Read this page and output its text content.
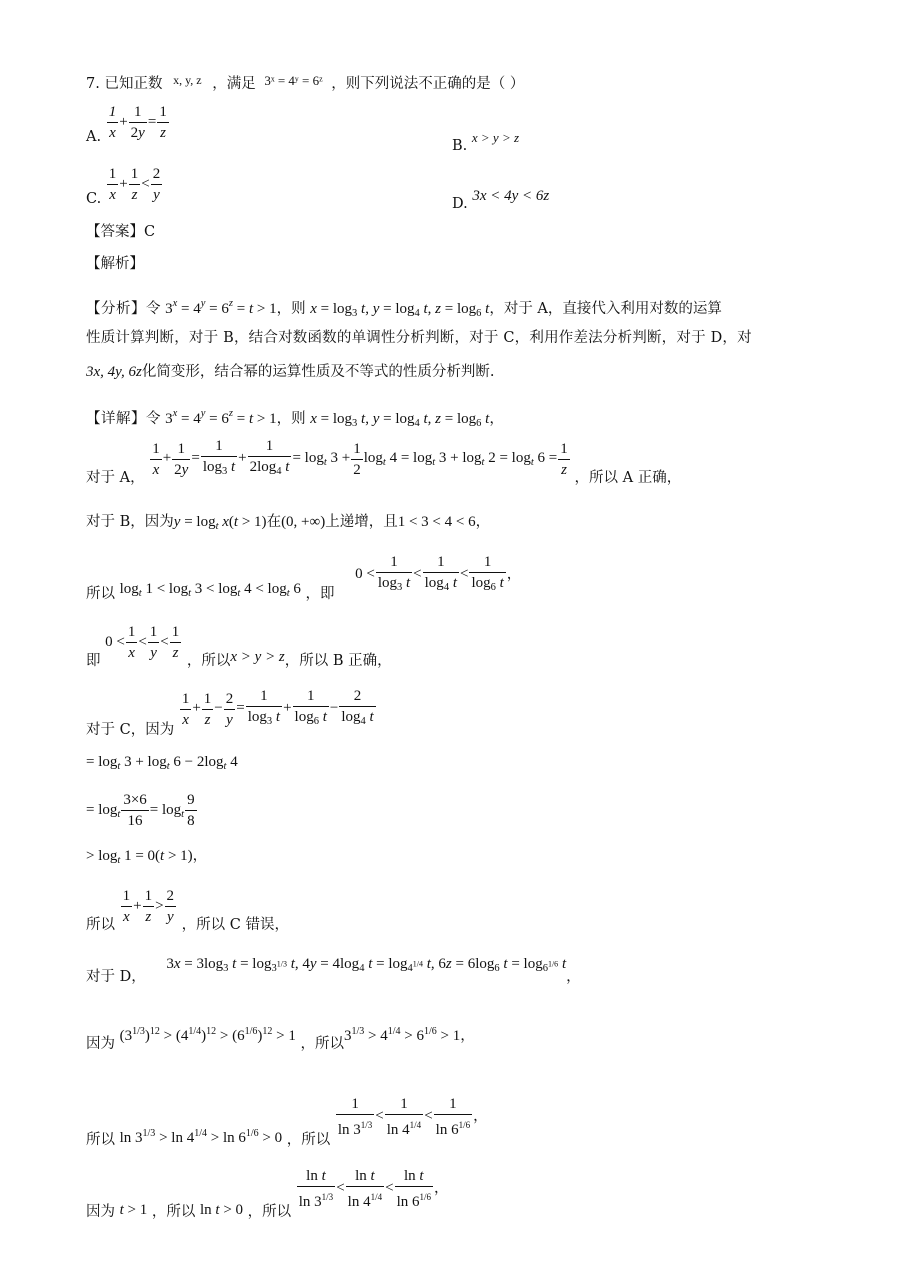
7. 已知正数 $^{x, y, z}$ ，满足 3ˣ = 4ʸ = 6ᶻ ，则下列说法不正确的是（ ）
A. $\frac{1}{x} + \frac{1}{2y} = \frac{1}{z}$
B. x > y > z
C. $\frac{1}{x} + \frac{1}{z} < \frac{2}{y}$	D. 3x < 4y < 6z
【答案】C
【解析】
【分析】令 $3^x = 4^y = 6^z = t > 1$，则 $x = \log_3 t$, $y = \log_4 t$, $z = \log_6 t$，对于 A，直接代入利用对数的运算
性质计算判断，对于 B，结合对数函数的单调性分析判断，对于 C，利用作差法分析判断，对于 D，对
3x, 4y, 6z化简变形，结合幂的运算性质及不等式的性质分析判断.
【详解】令 $3^x = 4^y = 6^z = t > 1$，则 $x = \log_3 t$, $y = \log_4 t$, $z = \log_6 t$，
对于 A， $\frac{1}{x} + \frac{1}{2y} = \frac{1}{\log_3 t} + \frac{1}{2\log_4 t} = \log_t 3 + \frac{1}{2} \log_t 4 = \log_t 3 + \log_t 2 = \log_t 6 = \frac{1}{z}$ ，所以 A 正确，
对于 B，因为$y = \log_t x(t > 1)$在(0, +∞)上递增，且1 < 3 < 4 < 6，
所以 $\log_t 1 < \log_t 3 < \log_t 4 < \log_t 6$ ，即 $0 < \frac{1}{\log_3 t} < \frac{1}{\log_4 t} < \frac{1}{\log_6 t}$ ，
即 $0 < \frac{1}{x} < \frac{1}{y} < \frac{1}{z}$ ，所以x > y > z，所以 B 正确，
对于 C，因为
$\frac{1}{x} + \frac{1}{z} - \frac{2}{y} = \frac{1}{\log_3 t} + \frac{1}{\log_6 t} - \frac{2}{\log_4 t}$
= $\log_t 3 + \log_t 6 - 2\log_t$ 4
= $\log_t \frac{3\times 6}{16} = \log_t \frac{9}{8}$
> $\log_t 1 = 0(t > 1)$，
所以 $\frac{1}{x} + \frac{1}{z} > \frac{2}{y}$ ，所以 C 错误，
对于 D， $3x = 3\log_3$ $t = \log_{3^{1/3}} t$, $4y = 4\log_4$ $t = \log_{4^{1/4}} t$, $6z = 6\log_6$ $t = \log_{6^{1/6}} t$，
因为 $(3^{1/3})^{12} > (4^{1/4})^{12} > (6^{1/6})^{12} > 1$ ，所以$3^{1/3} > 4^{1/4} > 6^{1/6} > 1$，
所以 $\ln 3^{1/3} > \ln 4^{1/4} > \ln 6^{1/6} > 0$ ，所以 $\frac{1}{\ln 3^{1/3}} < \frac{1}{\ln 4^{1/4}} < \frac{1}{\ln 6^{1/6}}$ ，
因为 t > 1 ，所以 ln t > 0 ，所以 $\frac{\text{ln t}}{\ln 3^{1/3}} < \frac{\text{ln t}}{\ln 4^{1/4}} < \frac{\text{ln t}}{\ln 6^{1/6}}$ ，
